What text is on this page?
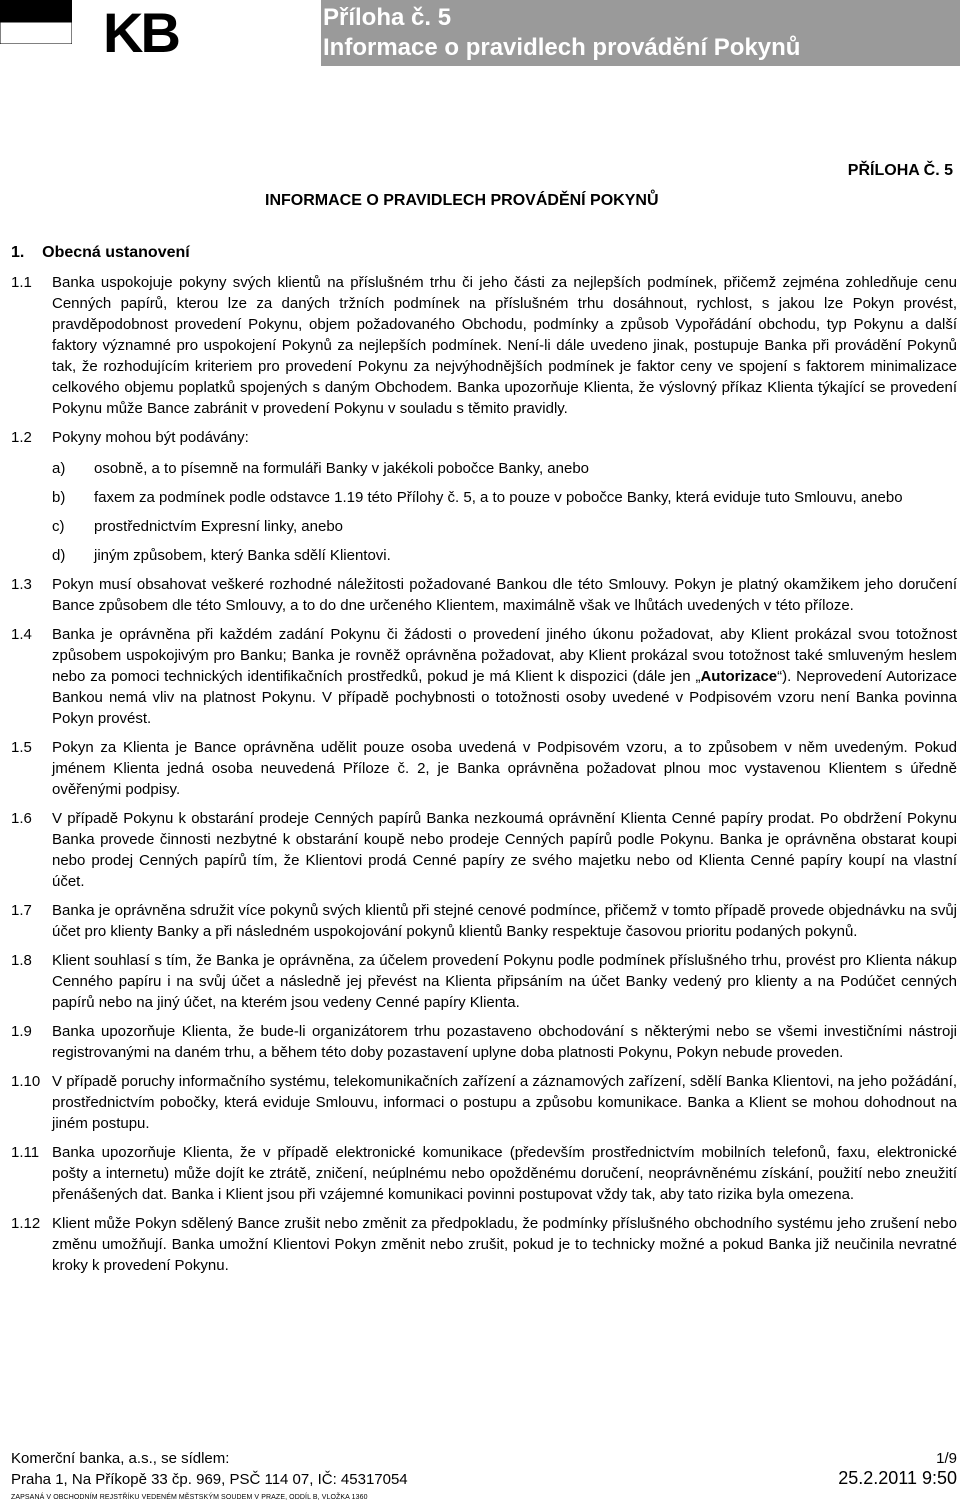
KB	Příloha č. 5
Informace o pravidlech provádění Pokynů
PŘÍLOHA Č. 5
INFORMACE O PRAVIDLECH PROVÁDĚNÍ POKYNŮ
1.    Obecná ustanovení
1.1	Banka uspokojuje pokyny svých klientů na příslušném trhu či jeho části za nejlepších podmínek, přičemž zejména zohledňuje cenu Cenných papírů, kterou lze za daných tržních podmínek na příslušném trhu dosáhnout, rychlost, s jakou lze Pokyn provést, pravděpodobnost provedení Pokynu, objem požadovaného Obchodu, podmínky a způsob Vypořádání obchodu, typ Pokynu a další faktory významné pro uspokojení Pokynů za nejlepších podmínek. Není-li dále uvedeno jinak, postupuje Banka při provádění Pokynů tak, že rozhodujícím kriteriem pro provedení Pokynu za nejvýhodnějších podmínek je faktor ceny ve spojení s faktorem minimalizace celkového objemu poplatků spojených s daným Obchodem. Banka upozorňuje Klienta, že výslovný příkaz Klienta týkající se provedení Pokynu může Bance zabránit v provedení Pokynu v souladu s těmito pravidly.
1.2	Pokyny mohou být podávány:
a)	osobně, a to písemně na formuláři Banky v jakékoli pobočce Banky, anebo
b)	faxem za podmínek podle odstavce 1.19 této Přílohy č. 5, a to pouze v pobočce Banky, která eviduje tuto Smlouvu, anebo
c)	prostřednictvím Expresní linky, anebo
d)	jiným způsobem, který Banka sdělí Klientovi.
1.3	Pokyn musí obsahovat veškeré rozhodné náležitosti požadované Bankou dle této Smlouvy. Pokyn je platný okamžikem jeho doručení Bance způsobem dle této Smlouvy, a to do dne určeného Klientem, maximálně však ve lhůtách uvedených v této příloze.
1.4	Banka je oprávněna při každém zadání Pokynu či žádosti o provedení jiného úkonu požadovat, aby Klient prokázal svou totožnost způsobem uspokojivým pro Banku; Banka je rovněž oprávněna požadovat, aby Klient prokázal svou totožnost také smluveným heslem nebo za pomoci technických identifikačních prostředků, pokud je má Klient k dispozici (dále jen „Autorizace“). Neprovedení Autorizace Bankou nemá vliv na platnost Pokynu. V případě pochybnosti o totožnosti osoby uvedené v Podpisovém vzoru není Banka povinna Pokyn provést.
1.5	Pokyn za Klienta je Bance oprávněna udělit pouze osoba uvedená v Podpisovém vzoru, a to způsobem v něm uvedeným. Pokud jménem Klienta jedná osoba neuvedená Příloze č. 2, je Banka oprávněna požadovat plnou moc vystavenou Klientem s úředně ověřenými podpisy.
1.6	V případě Pokynu k obstarání prodeje Cenných papírů Banka nezkoumá oprávnění Klienta Cenné papíry prodat. Po obdržení Pokynu Banka provede činnosti nezbytné k obstarání koupě nebo prodeje Cenných papírů podle Pokynu. Banka je oprávněna obstarat koupi nebo prodej Cenných papírů tím, že Klientovi prodá Cenné papíry ze svého majetku nebo od Klienta Cenné papíry koupí na vlastní účet.
1.7	Banka je oprávněna sdružit více pokynů svých klientů při stejné cenové podmínce, přičemž v tomto případě provede objednávku na svůj účet pro klienty Banky a při následném uspokojování pokynů klientů Banky respektuje časovou prioritu podaných pokynů.
1.8	Klient souhlasí s tím, že Banka je oprávněna, za účelem provedení Pokynu podle podmínek příslušného trhu, provést pro Klienta nákup Cenného papíru i na svůj účet a následně jej převést na Klienta připsáním na účet Banky vedený pro klienty a na Podúčet cenných papírů nebo na jiný účet, na kterém jsou vedeny Cenné papíry Klienta.
1.9	Banka upozorňuje Klienta, že bude-li organizátorem trhu pozastaveno obchodování s některými nebo se všemi investičními nástroji registrovanými na daném trhu, a během této doby pozastavení uplyne doba platnosti Pokynu, Pokyn nebude proveden.
1.10 V případě poruchy informačního systému, telekomunikačních zařízení a záznamových zařízení, sdělí Banka Klientovi, na jeho požádání, prostřednictvím pobočky, která eviduje Smlouvu, informaci o postupu a způsobu komunikace. Banka a Klient se mohou dohodnout na jiném postupu.
1.11 Banka upozorňuje Klienta, že v případě elektronické komunikace (především prostřednictvím mobilních telefonů, faxu, elektronické pošty a internetu) může dojít ke ztrátě, zničení, neúplnému nebo opožděnému doručení, neoprávněnému získání, použití nebo zneužití přenášených dat. Banka i Klient jsou při vzájemné komunikaci povinni postupovat vždy tak, aby tato rizika byla omezena.
1.12 Klient může Pokyn sdělený Bance zrušit nebo změnit za předpokladu, že podmínky příslušného obchodního systému jeho zrušení nebo změnu umožňují. Banka umožní Klientovi Pokyn změnit nebo zrušit, pokud je to technicky možné a pokud Banka již neučinila nevratné kroky k provedení Pokynu.
Komerční banka, a.s., se sídlem:	1/9
Praha 1, Na Příkopě 33 čp. 969, PSČ 114 07, IČ: 45317054	25.2.2011 9:50
ZAPSANÁ V OBCHODNÍM REJSTŘÍKU VEDENÉM MĚSTSKÝM SOUDEM V PRAZE, ODDÍL B, VLOŽKA 1360
